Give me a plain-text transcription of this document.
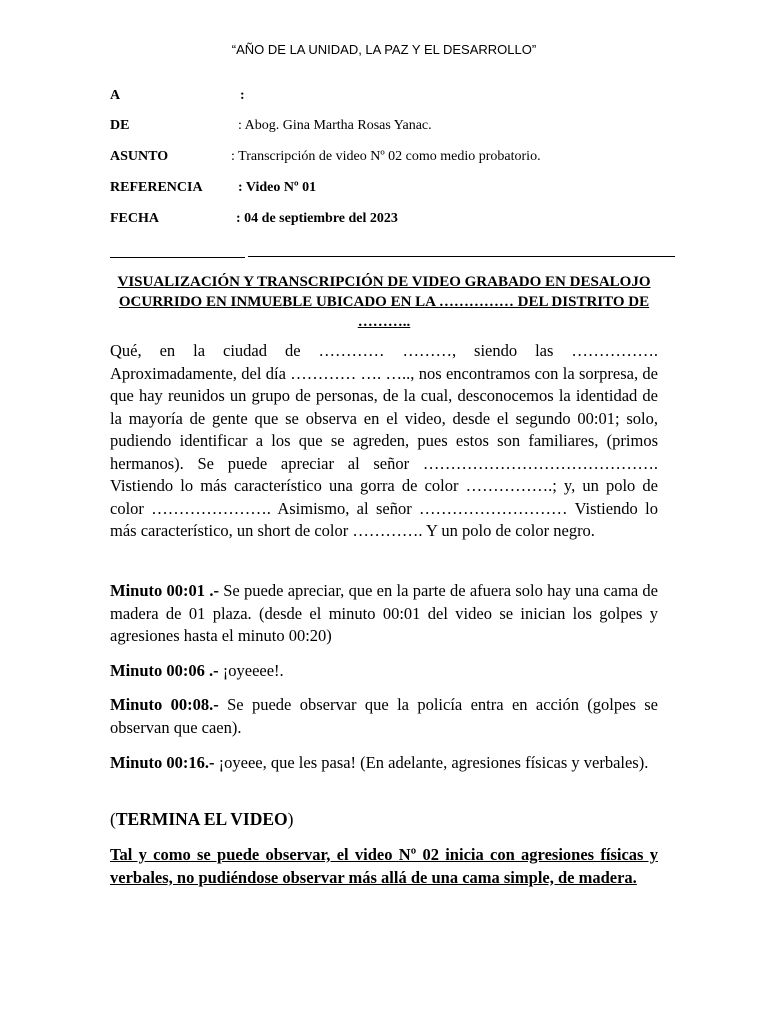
“AÑO DE LA UNIDAD, LA PAZ Y EL DESARROLLO”
A	:
DE	: Abog. Gina Martha Rosas Yanac.
ASUNTO	: Transcripción de video Nº 02 como medio probatorio.
REFERENCIA	: Video Nº 01
FECHA	: 04 de septiembre del 2023
VISUALIZACIÓN Y TRANSCRIPCIÓN DE VIDEO GRABADO EN DESALOJO OCURRIDO EN INMUEBLE UBICADO EN LA …………… DEL DISTRITO DE ………..

Qué, en la ciudad de ………… ………, siendo las ……………. Aproximadamente, del día ………… …. ….., nos encontramos con la sorpresa, de que hay reunidos un grupo de personas, de la cual, desconocemos la identidad de la mayoría de gente que se observa en el video, desde el segundo 00:01; solo, pudiendo identificar a los que se agreden, pues estos son familiares, (primos hermanos). Se puede apreciar al señor ……………………………………. Vistiendo lo más característico una gorra de color …………….; y, un polo de color …………………. Asimismo, al señor ……………………… Vistiendo lo más característico, un short de color …………. Y un polo de color negro.

Minuto 00:01 .- Se puede apreciar, que en la parte de afuera solo hay una cama de madera de 01 plaza. (desde el minuto 00:01 del video se inician los golpes y agresiones hasta el minuto 00:20)

Minuto 00:06 .- ¡oyeeee!.

Minuto 00:08.- Se puede observar que la policía entra en acción (golpes se observan que caen).

Minuto 00:16.- ¡oyeee, que les pasa! (En adelante, agresiones físicas y verbales).

(TERMINA EL VIDEO)

Tal y como se puede observar, el video Nº 02 inicia con agresiones físicas y verbales, no pudiéndose observar más allá de una cama simple, de madera.
